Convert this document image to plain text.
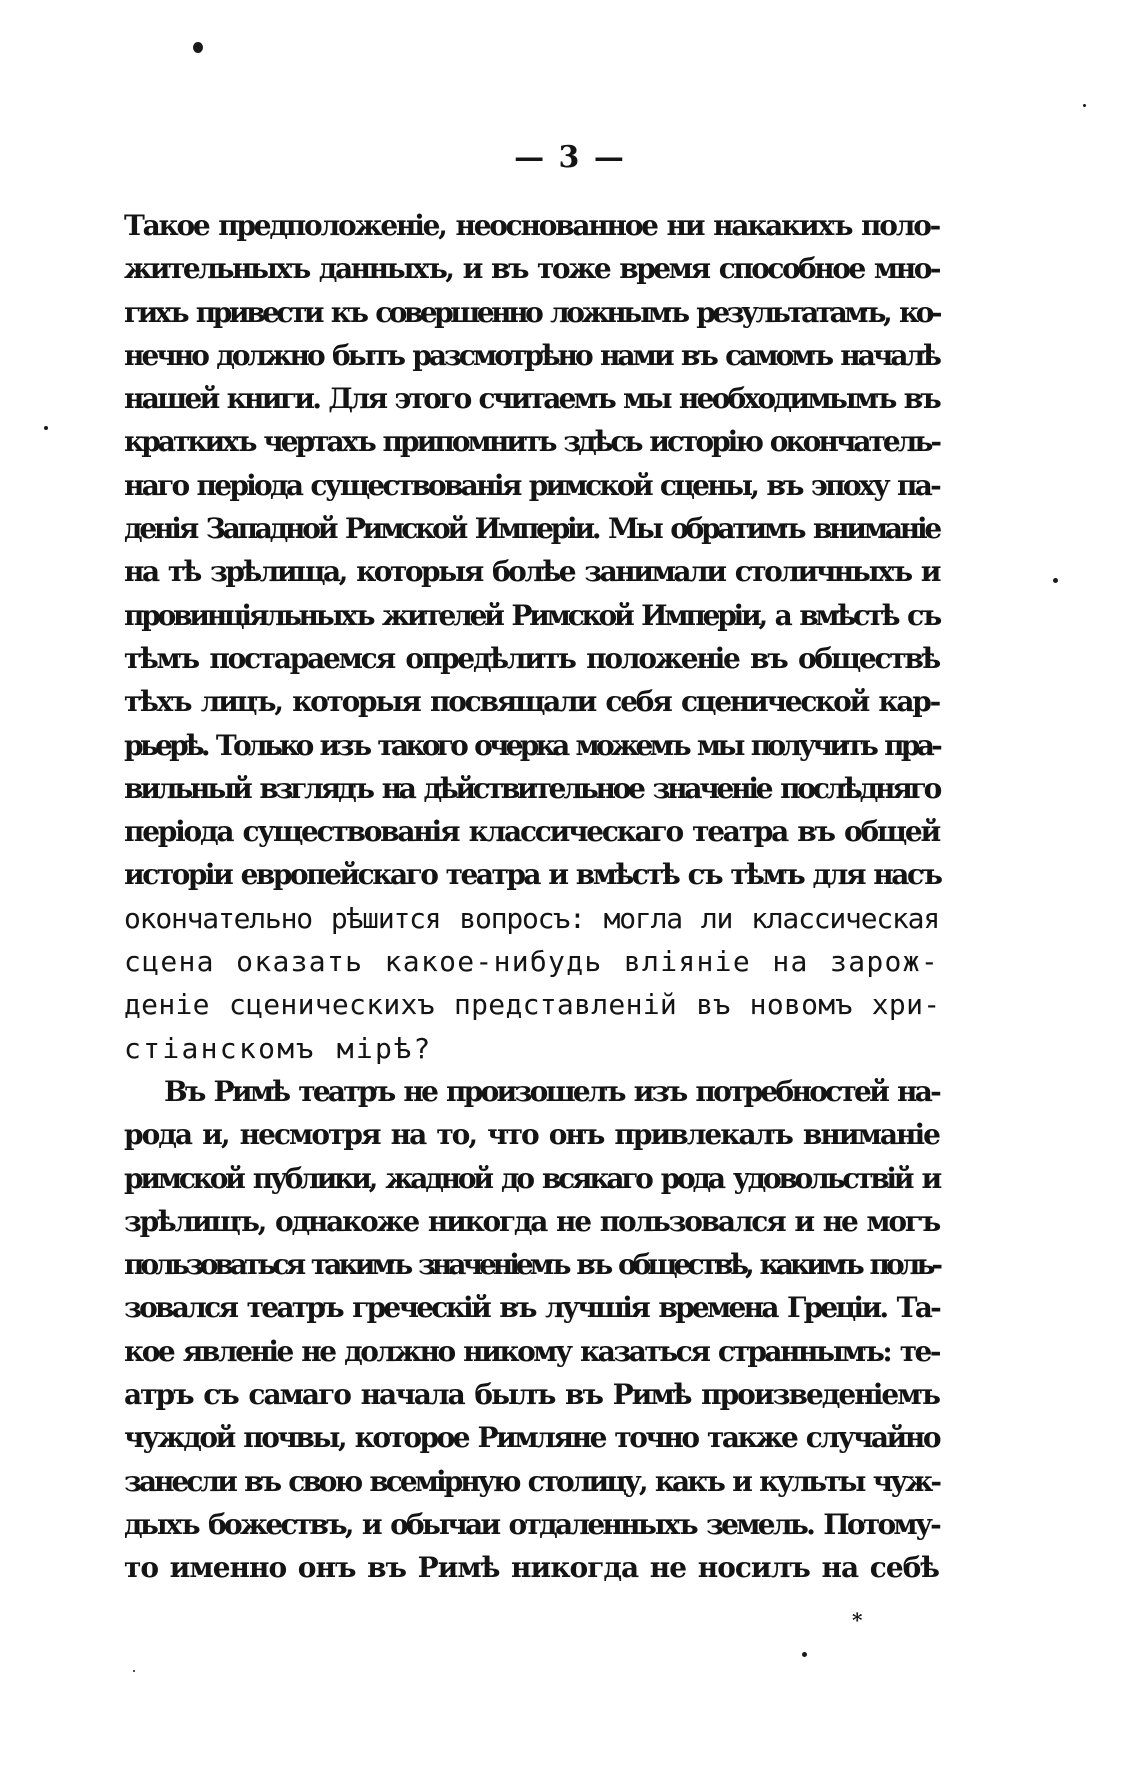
— 3 —
Такое предположенiе, неоснованное ни накакихъ поло-
жительныхъ данныхъ, и въ тоже время способное мно-
гихъ привести къ совершенно ложнымъ результатамъ, ко-
нечно должно быть разсмотрѣно нами въ самомъ началѣ
нашей книги. Для этого считаемъ мы необходимымъ въ
краткихъ чертахъ припомнить здѣсь исторiю окончатель-
наго перiода существованiя римской сцены, въ эпоху па-
денiя Западной Римской Имперiи. Мы обратимъ вниманiе
на тѣ зрѣлища, которыя болѣе занимали столичныхъ и
провинцiяльныхъ жителей Римской Имперiи, а вмѣстѣ съ
тѣмъ постараемся опредѣлить положенiе въ обществѣ
тѣхъ лицъ, которыя посвящали себя сценической кар-
рьерѣ. Только изъ такого очерка можемъ мы получить пра-
вильный взглядъ на дѣйствительное значенiе послѣдняго
перiода существованiя классическаго театра въ общей
исторiи европейскаго театра и вмѣстѣ съ тѣмъ для насъ
окончательно рѣшится вопросъ: могла ли классическая
сцена оказать какое-нибудь влiянiе на зарож-
денiе сценическихъ представленiй въ новомъ хри-
стiанскомъ мiрѣ?
Въ Римѣ театръ не произошелъ изъ потребностей на-
рода и, несмотря на то, что онъ привлекалъ вниманiе
римской публики, жадной до всякаго рода удовольствiй и
зрѣлищъ, однакоже никогда не пользовался и не могъ
пользоваться такимъ значенiемъ въ обществѣ, какимъ поль-
зовался театръ греческiй въ лучшiя времена Грецiи. Та-
кое явленiе не должно никому казаться страннымъ: те-
атръ съ самаго начала былъ въ Римѣ произведенiемъ
чуждой почвы, которое Римляне точно также случайно
занесли въ свою всемiрную столицу, какъ и культы чуж-
дыхъ божествъ, и обычаи отдаленныхъ земель. Потому-
то именно онъ въ Римѣ никогда не носилъ на себѣ
*
